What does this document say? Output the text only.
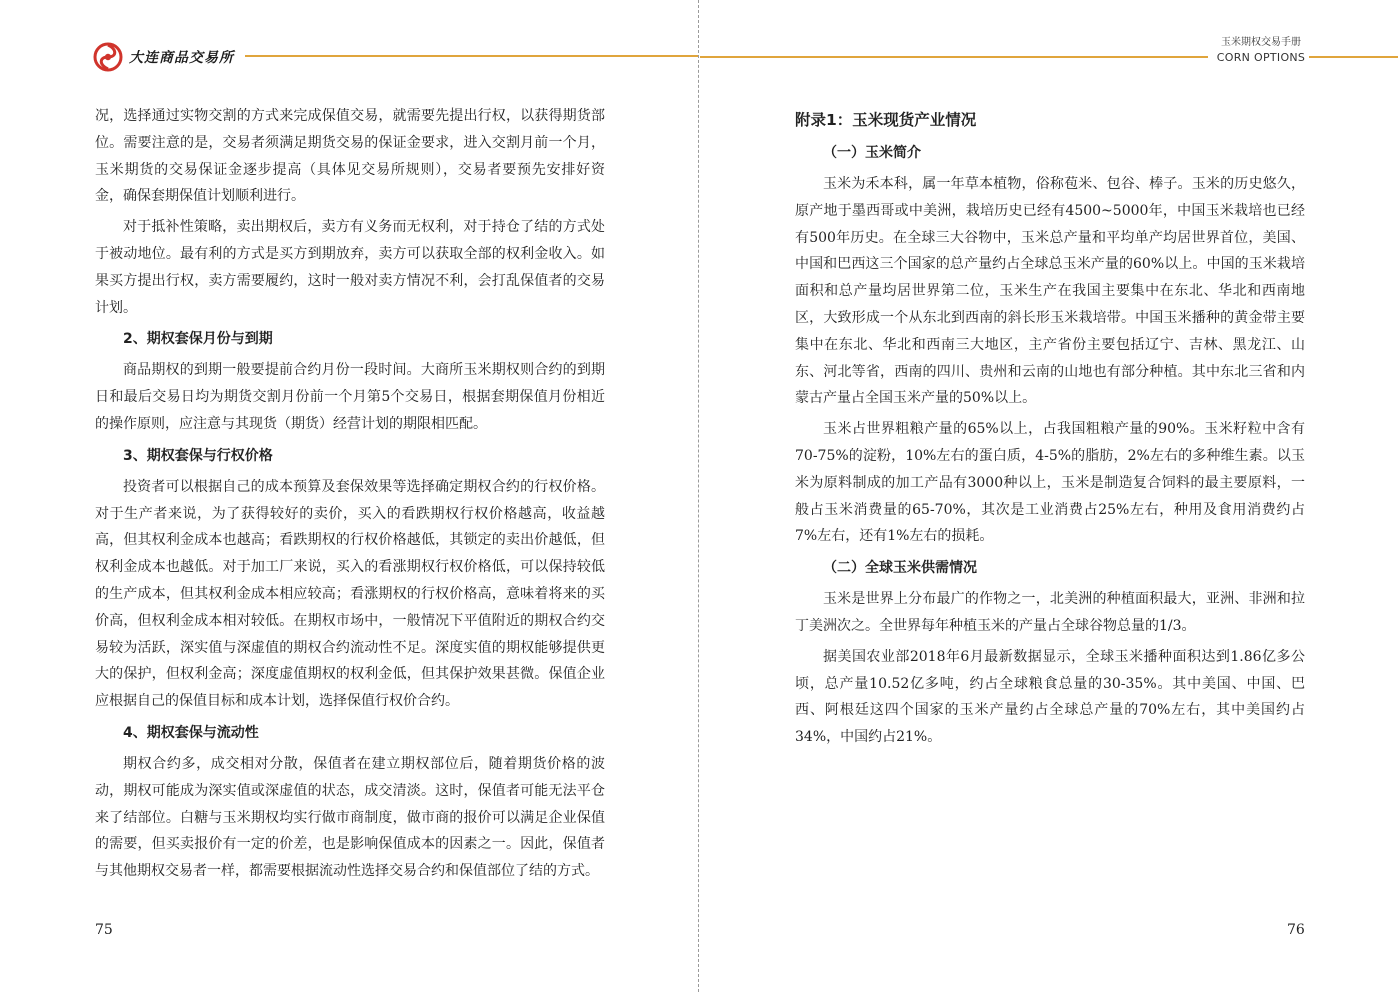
大连商品交易所

况，选择通过实物交割的方式来完成保值交易，就需要先提出行权，以获得期货部位。需要注意的是，交易者须满足期货交易的保证金要求，进入交割月前一个月，玉米期货的交易保证金逐步提高（具体见交易所规则），交易者要预先安排好资金，确保套期保值计划顺利进行。

对于抵补性策略，卖出期权后，卖方有义务而无权利，对于持仓了结的方式处于被动地位。最有利的方式是买方到期放弃，卖方可以获取全部的权利金收入。如果买方提出行权，卖方需要履约，这时一般对卖方情况不利，会打乱保值者的交易计划。

2、期权套保月份与到期

商品期权的到期一般要提前合约月份一段时间。大商所玉米期权则合约的到期日和最后交易日均为期货交割月份前一个月第5个交易日，根据套期保值月份相近的操作原则，应注意与其现货（期货）经营计划的期限相匹配。

3、期权套保与行权价格

投资者可以根据自己的成本预算及套保效果等选择确定期权合约的行权价格。对于生产者来说，为了获得较好的卖价，买入的看跌期权行权价格越高，收益越高，但其权利金成本也越高；看跌期权的行权价格越低，其锁定的卖出价越低，但权利金成本也越低。对于加工厂来说，买入的看涨期权行权价格低，可以保持较低的生产成本，但其权利金成本相应较高；看涨期权的行权价格高，意味着将来的买价高，但权利金成本相对较低。在期权市场中，一般情况下平值附近的期权合约交易较为活跃，深实值与深虚值的期权合约流动性不足。深度实值的期权能够提供更大的保护，但权利金高；深度虚值期权的权利金低，但其保护效果甚微。保值企业应根据自己的保值目标和成本计划，选择保值行权价合约。

4、期权套保与流动性

期权合约多，成交相对分散，保值者在建立期权部位后，随着期货价格的波动，期权可能成为深实值或深虚值的状态，成交清淡。这时，保值者可能无法平仓来了结部位。白糖与玉米期权均实行做市商制度，做市商的报价可以满足企业保值的需要，但买卖报价有一定的价差，也是影响保值成本的因素之一。因此，保值者与其他期权交易者一样，都需要根据流动性选择交易合约和保值部位了结的方式。

75
玉米期权交易手册
CORN OPTIONS
附录1：玉米现货产业情况
（一）玉米简介

玉米为禾本科，属一年草本植物，俗称苞米、包谷、棒子。玉米的历史悠久，原产地于墨西哥或中美洲，栽培历史已经有4500~5000年，中国玉米栽培也已经有500年历史。在全球三大谷物中，玉米总产量和平均单产均居世界首位，美国、中国和巴西这三个国家的总产量约占全球总玉米产量的60%以上。中国的玉米栽培面积和总产量均居世界第二位，玉米生产在我国主要集中在东北、华北和西南地区，大致形成一个从东北到西南的斜长形玉米栽培带。中国玉米播种的黄金带主要集中在东北、华北和西南三大地区，主产省份主要包括辽宁、吉林、黑龙江、山东、河北等省，西南的四川、贵州和云南的山地也有部分种植。其中东北三省和内蒙古产量占全国玉米产量的50%以上。

玉米占世界粗粮产量的65%以上，占我国粗粮产量的90%。玉米籽粒中含有70-75%的淀粉，10%左右的蛋白质，4-5%的脂肪，2%左右的多种维生素。以玉米为原料制成的加工产品有3000种以上，玉米是制造复合饲料的最主要原料，一般占玉米消费量的65-70%，其次是工业消费占25%左右，种用及食用消费约占7%左右，还有1%左右的损耗。

（二）全球玉米供需情况

玉米是世界上分布最广的作物之一，北美洲的种植面积最大，亚洲、非洲和拉丁美洲次之。全世界每年种植玉米的产量占全球谷物总量的1/3。

据美国农业部2018年6月最新数据显示，全球玉米播种面积达到1.86亿多公顷，总产量10.52亿多吨，约占全球粮食总量的30-35%。其中美国、中国、巴西、阿根廷这四个国家的玉米产量约占全球总产量的70%左右，其中美国约占34%，中国约占21%。

76
